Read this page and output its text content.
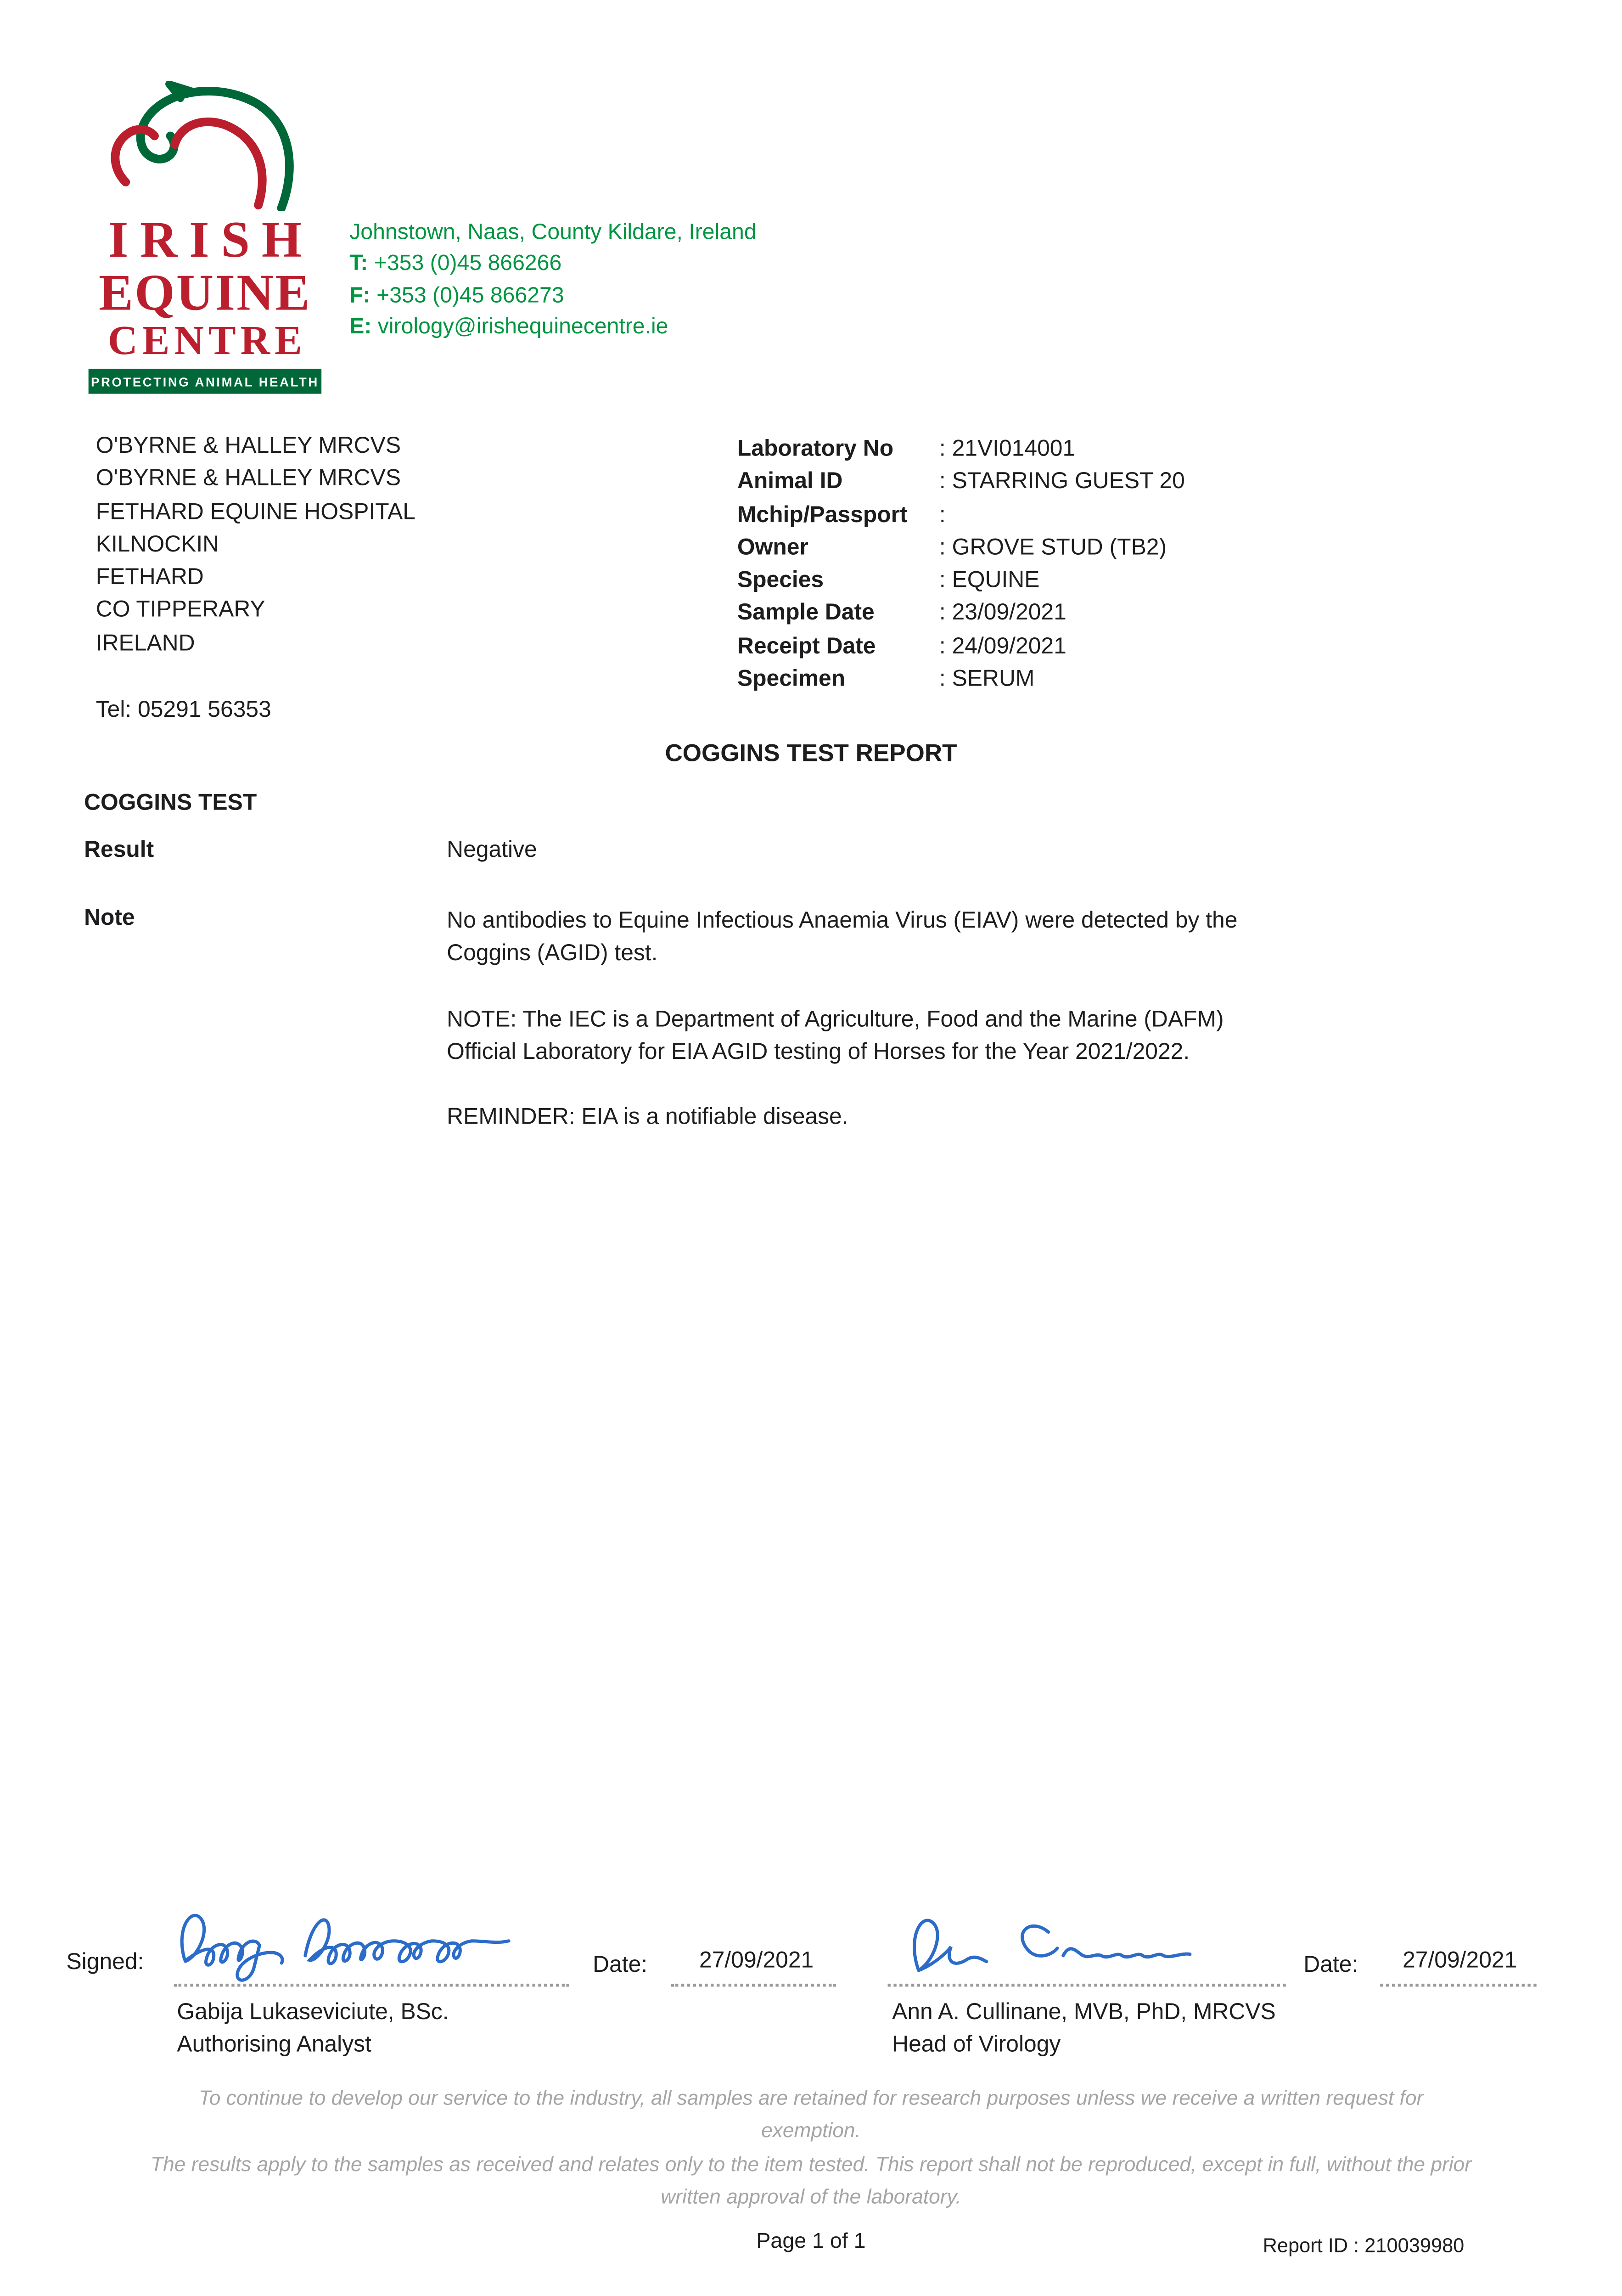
IRISH
EQUINE
CENTRE
PROTECTING ANIMAL HEALTH
Johnstown, Naas, County Kildare, Ireland
T: +353 (0)45 866266
F: +353 (0)45 866273
E: virology@irishequinecentre.ie
O'BYRNE & HALLEY MRCVS
O'BYRNE & HALLEY MRCVS
FETHARD EQUINE HOSPITAL
KILNOCKIN
FETHARD
CO TIPPERARY
IRELAND
Tel: 05291 56353
Laboratory No	: 21VI014001
Animal ID	: STARRING GUEST 20
Mchip/Passport	:
Owner	: GROVE STUD (TB2)
Species	: EQUINE
Sample Date	: 23/09/2021
Receipt Date	: 24/09/2021
Specimen	: SERUM
COGGINS TEST REPORT
COGGINS TEST
Result	Negative
Note	No antibodies to Equine Infectious Anaemia Virus (EIAV) were detected by the Coggins (AGID) test.

NOTE: The IEC is a Department of Agriculture, Food and the Marine (DAFM) Official Laboratory for EIA AGID testing of Horses for the Year 2021/2022.

REMINDER: EIA is a notifiable disease.

Signed:	Date:	27/09/2021	Date:	27/09/2021
Gabija Lukaseviciute, BSc.
Authorising Analyst
Ann A. Cullinane, MVB, PhD, MRCVS
Head of Virology
To continue to develop our service to the industry, all samples are retained for research purposes unless we receive a written request for exemption.
The results apply to the samples as received and relates only to the item tested. This report shall not be reproduced, except in full, without the prior written approval of the laboratory.
Page 1 of 1	Report ID : 210039980
